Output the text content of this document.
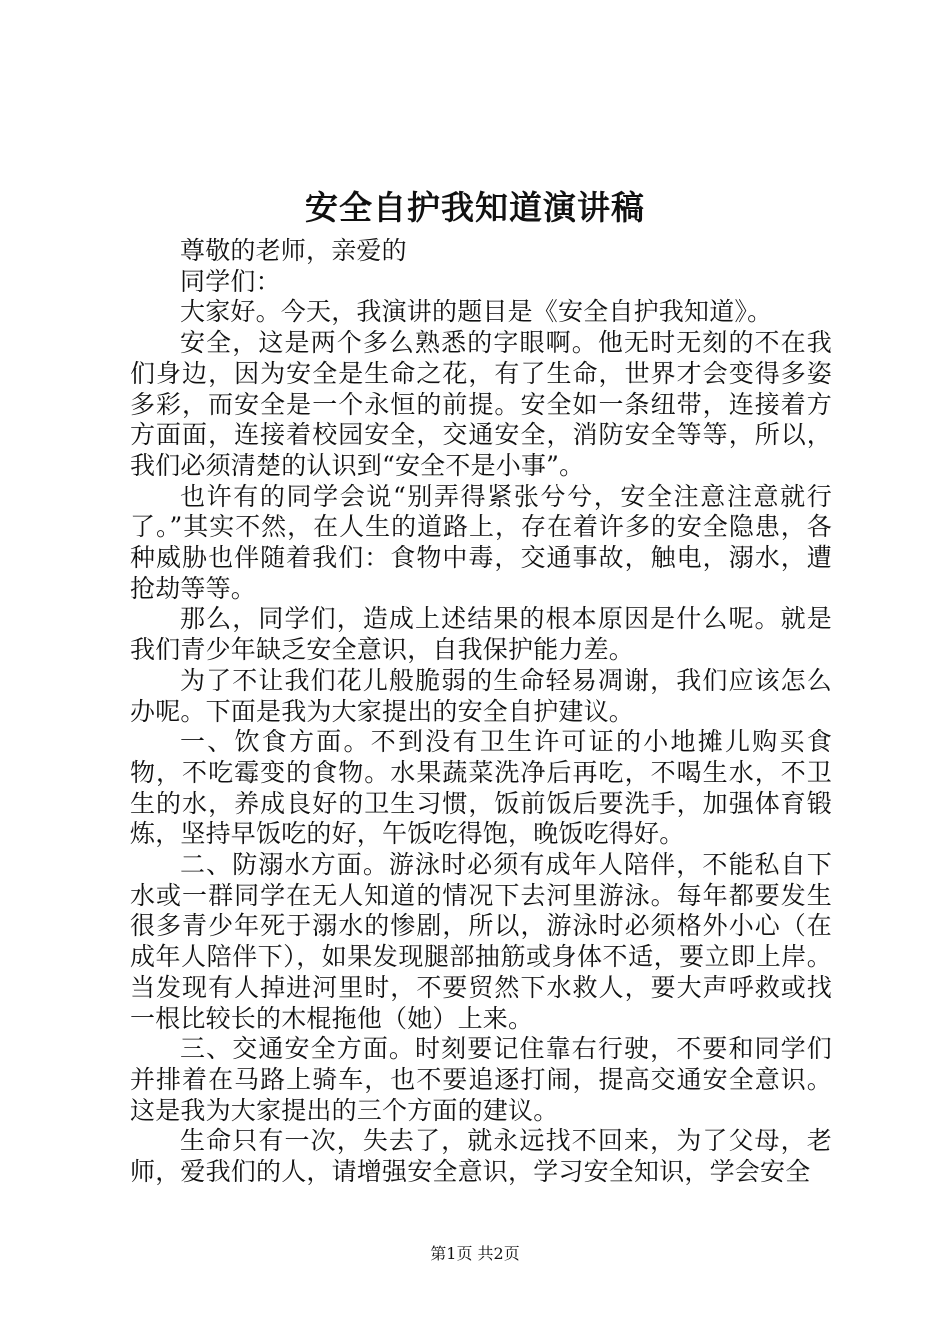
安全自护我知道演讲稿

尊敬的老师，亲爱的

同学们：

大家好。今天，我演讲的题目是《安全自护我知道》。

安全，这是两个多么熟悉的字眼啊。他无时无刻的不在我们身边，因为安全是生命之花，有了生命，世界才会变得多姿多彩，而安全是一个永恒的前提。安全如一条纽带，连接着方方面面，连接着校园安全，交通安全，消防安全等等，所以，我们必须清楚的认识到“安全不是小事”。

也许有的同学会说“别弄得紧张兮兮，安全注意注意就行了。”其实不然，在人生的道路上，存在着许多的安全隐患，各种威胁也伴随着我们：食物中毒，交通事故，触电，溺水，遭抢劫等等。

那么，同学们，造成上述结果的根本原因是什么呢。就是我们青少年缺乏安全意识，自我保护能力差。

为了不让我们花儿般脆弱的生命轻易凋谢，我们应该怎么办呢。下面是我为大家提出的安全自护建议。

一、饮食方面。不到没有卫生许可证的小地摊儿购买食物，不吃霉变的食物。水果蔬菜洗净后再吃，不喝生水，不卫生的水，养成良好的卫生习惯，饭前饭后要洗手，加强体育锻炼，坚持早饭吃的好，午饭吃得饱，晚饭吃得好。

二、防溺水方面。游泳时必须有成年人陪伴，不能私自下水或一群同学在无人知道的情况下去河里游泳。每年都要发生很多青少年死于溺水的惨剧，所以，游泳时必须格外小心（在成年人陪伴下），如果发现腿部抽筋或身体不适，要立即上岸。当发现有人掉进河里时，不要贸然下水救人，要大声呼救或找一根比较长的木棍拖他（她）上来。

三、交通安全方面。时刻要记住靠右行驶，不要和同学们并排着在马路上骑车，也不要追逐打闹，提高交通安全意识。这是我为大家提出的三个方面的建议。

生命只有一次，失去了，就永远找不回来，为了父母，老师，爱我们的人，请增强安全意识，学习安全知识，学会安全

第1页 共2页
